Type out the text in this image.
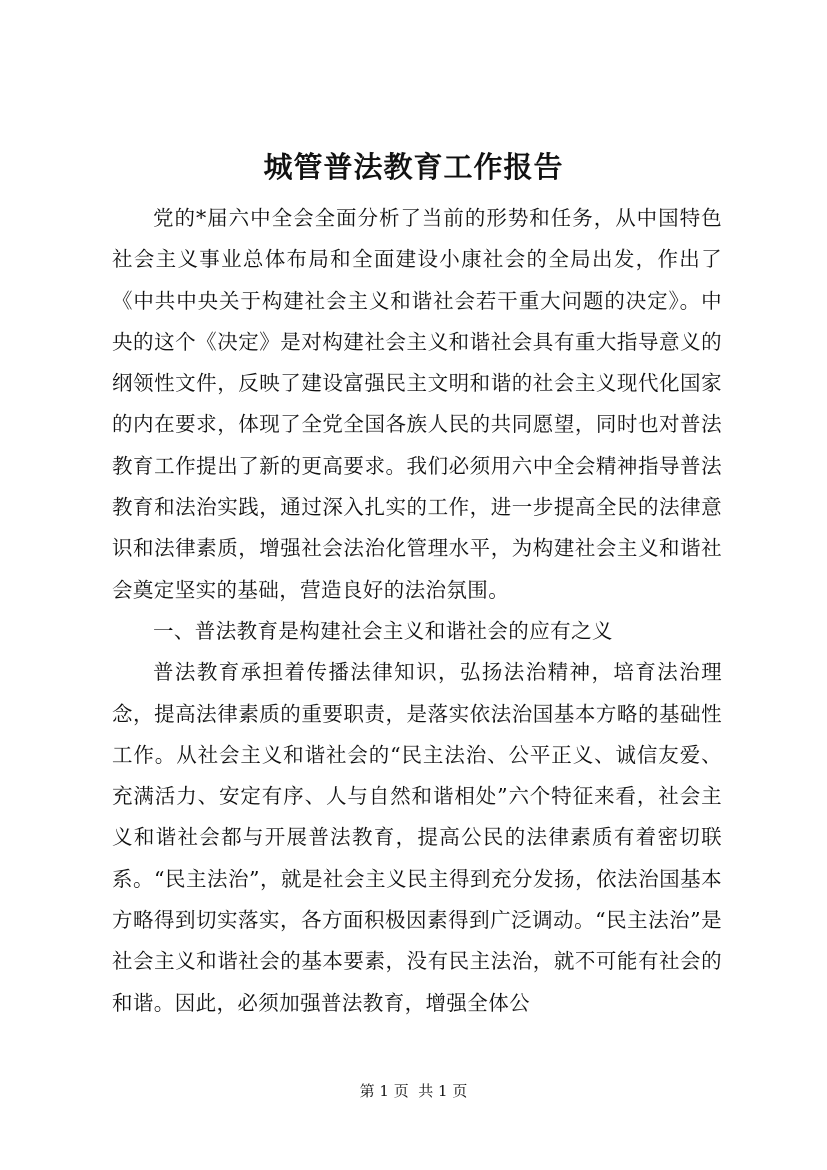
城管普法教育工作报告

党的*届六中全会全面分析了当前的形势和任务，从中国特色社会主义事业总体布局和全面建设小康社会的全局出发，作出了《中共中央关于构建社会主义和谐社会若干重大问题的决定》。中央的这个《决定》是对构建社会主义和谐社会具有重大指导意义的纲领性文件，反映了建设富强民主文明和谐的社会主义现代化国家的内在要求，体现了全党全国各族人民的共同愿望，同时也对普法教育工作提出了新的更高要求。我们必须用六中全会精神指导普法教育和法治实践，通过深入扎实的工作，进一步提高全民的法律意识和法律素质，增强社会法治化管理水平，为构建社会主义和谐社会奠定坚实的基础，营造良好的法治氛围。

一、普法教育是构建社会主义和谐社会的应有之义

普法教育承担着传播法律知识，弘扬法治精神，培育法治理念，提高法律素质的重要职责，是落实依法治国基本方略的基础性工作。从社会主义和谐社会的“民主法治、公平正义、诚信友爱、充满活力、安定有序、人与自然和谐相处”六个特征来看，社会主义和谐社会都与开展普法教育，提高公民的法律素质有着密切联系。“民主法治”，就是社会主义民主得到充分发扬，依法治国基本方略得到切实落实，各方面积极因素得到广泛调动。“民主法治”是社会主义和谐社会的基本要素，没有民主法治，就不可能有社会的和谐。因此，必须加强普法教育，增强全体公

第 1 页  共 1 页
